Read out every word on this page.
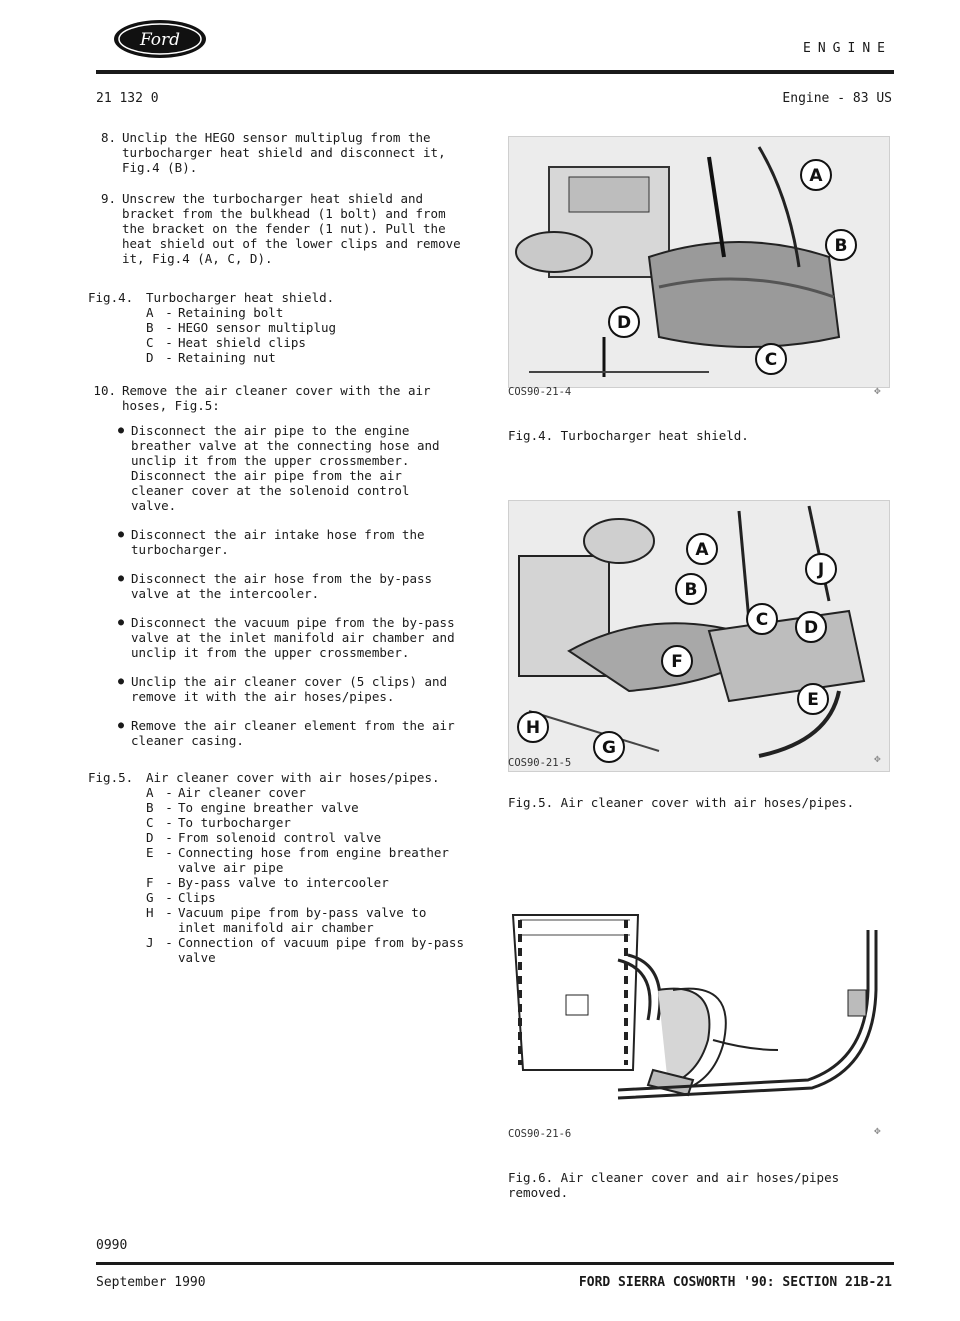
Ford	ENGINE
21 132 0	Engine - 83 US
8. Unclip the HEGO sensor multiplug from the
turbocharger heat shield and disconnect it,
Fig.4 (B).
9. Unscrew the turbocharger heat shield and
bracket from the bulkhead (1 bolt) and from
the bracket on the fender (1 nut). Pull the
heat shield out of the lower clips and remove
it, Fig.4 (A, C, D).
Fig.4.	Turbocharger heat shield.
A - Retaining bolt
B - HEGO sensor multiplug
C - Heat shield clips
D - Retaining nut
10. Remove the air cleaner cover with the air
hoses, Fig.5:
● Disconnect the air pipe to the engine
breather valve at the connecting hose and
unclip it from the upper crossmember.
Disconnect the air pipe from the air
cleaner cover at the solenoid control
valve.
● Disconnect the air intake hose from the
turbocharger.
● Disconnect the air hose from the by-pass
valve at the intercooler.
● Disconnect the vacuum pipe from the by-pass
valve at the inlet manifold air chamber and
unclip it from the upper crossmember.
● Unclip the air cleaner cover (5 clips) and
remove it with the air hoses/pipes.
● Remove the air cleaner element from the air
cleaner casing.
Fig.5.	Air cleaner cover with air hoses/pipes.
A - Air cleaner cover
B - To engine breather valve
C - To turbocharger
D - From solenoid control valve
E - Connecting hose from engine breather
valve air pipe
F - By-pass valve to intercooler
G - Clips
H - Vacuum pipe from by-pass valve to
inlet manifold air chamber
J - Connection of vacuum pipe from by-pass
valve
A
B
C
D
COS90-21-4	✥
Fig.4. Turbocharger heat shield.
A
B
C D
E
F
G
H
J
COS90-21-5	✥
Fig.5. Air cleaner cover with air hoses/pipes.
COS90-21-6	✥
Fig.6. Air cleaner cover and air hoses/pipes
removed.
0990
September 1990	FORD SIERRA COSWORTH '90: SECTION 21B-21
